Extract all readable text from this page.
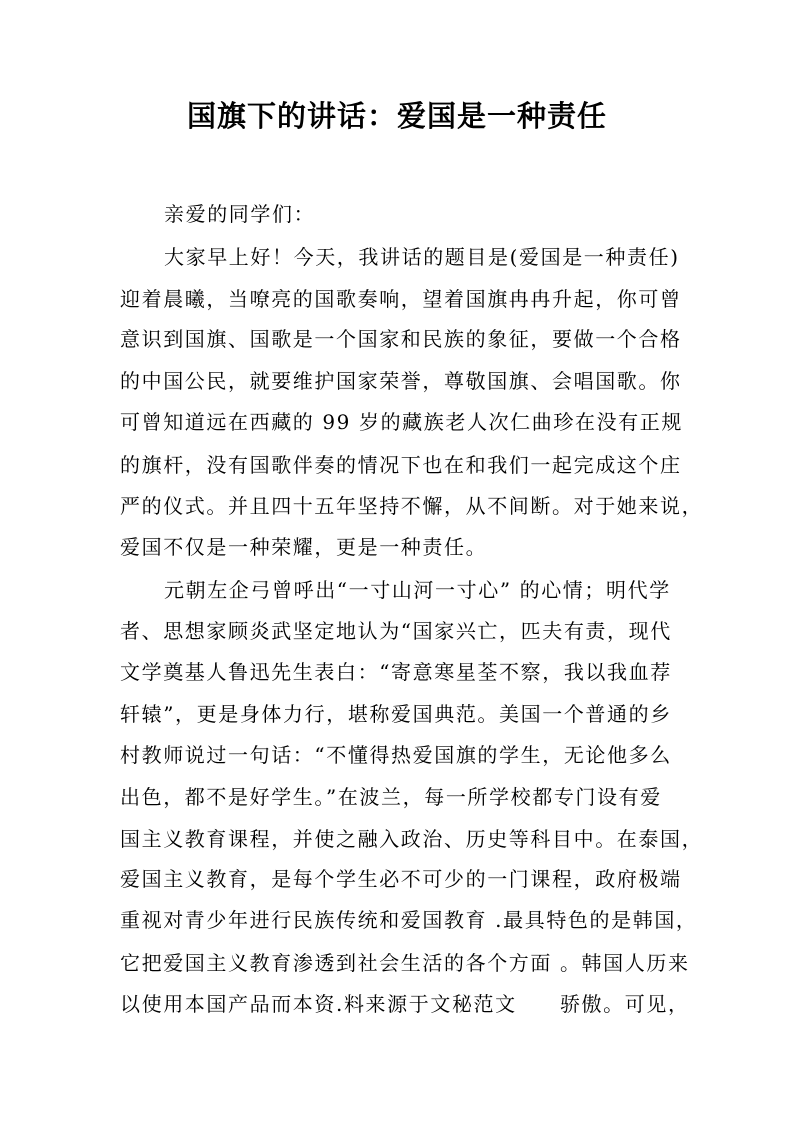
国旗下的讲话：爱国是一种责任
亲爱的同学们：
大家早上好！今天，我讲话的题目是(爱国是一种责任)
迎着晨曦，当嘹亮的国歌奏响，望着国旗冉冉升起，你可曾
意识到国旗、国歌是一个国家和民族的象征，要做一个合格
的中国公民，就要维护国家荣誉，尊敬国旗、会唱国歌。你
可曾知道远在西藏的 99 岁的藏族老人次仁曲珍在没有正规
的旗杆，没有国歌伴奏的情况下也在和我们一起完成这个庄
严的仪式。并且四十五年坚持不懈，从不间断。对于她来说，
爱国不仅是一种荣耀，更是一种责任。
元朝左企弓曾呼出“一寸山河一寸心” 的心情；明代学
者、思想家顾炎武坚定地认为“国家兴亡，匹夫有责，现代
文学奠基人鲁迅先生表白：“寄意寒星荃不察，我以我血荐
轩辕”，更是身体力行，堪称爱国典范。美国一个普通的乡
村教师说过一句话：“不懂得热爱国旗的学生，无论他多么
出色，都不是好学生。”在波兰，每一所学校都专门设有爱
国主义教育课程，并使之融入政治、历史等科目中。在泰国，
爱国主义教育，是每个学生必不可少的一门课程，政府极端
重视对青少年进行民族传统和爱国教育 .最具特色的是韩国，
它把爱国主义教育渗透到社会生活的各个方面 。韩国人历来
以使用本国产品而本资.料来源于文秘范文　　骄傲。可见，
